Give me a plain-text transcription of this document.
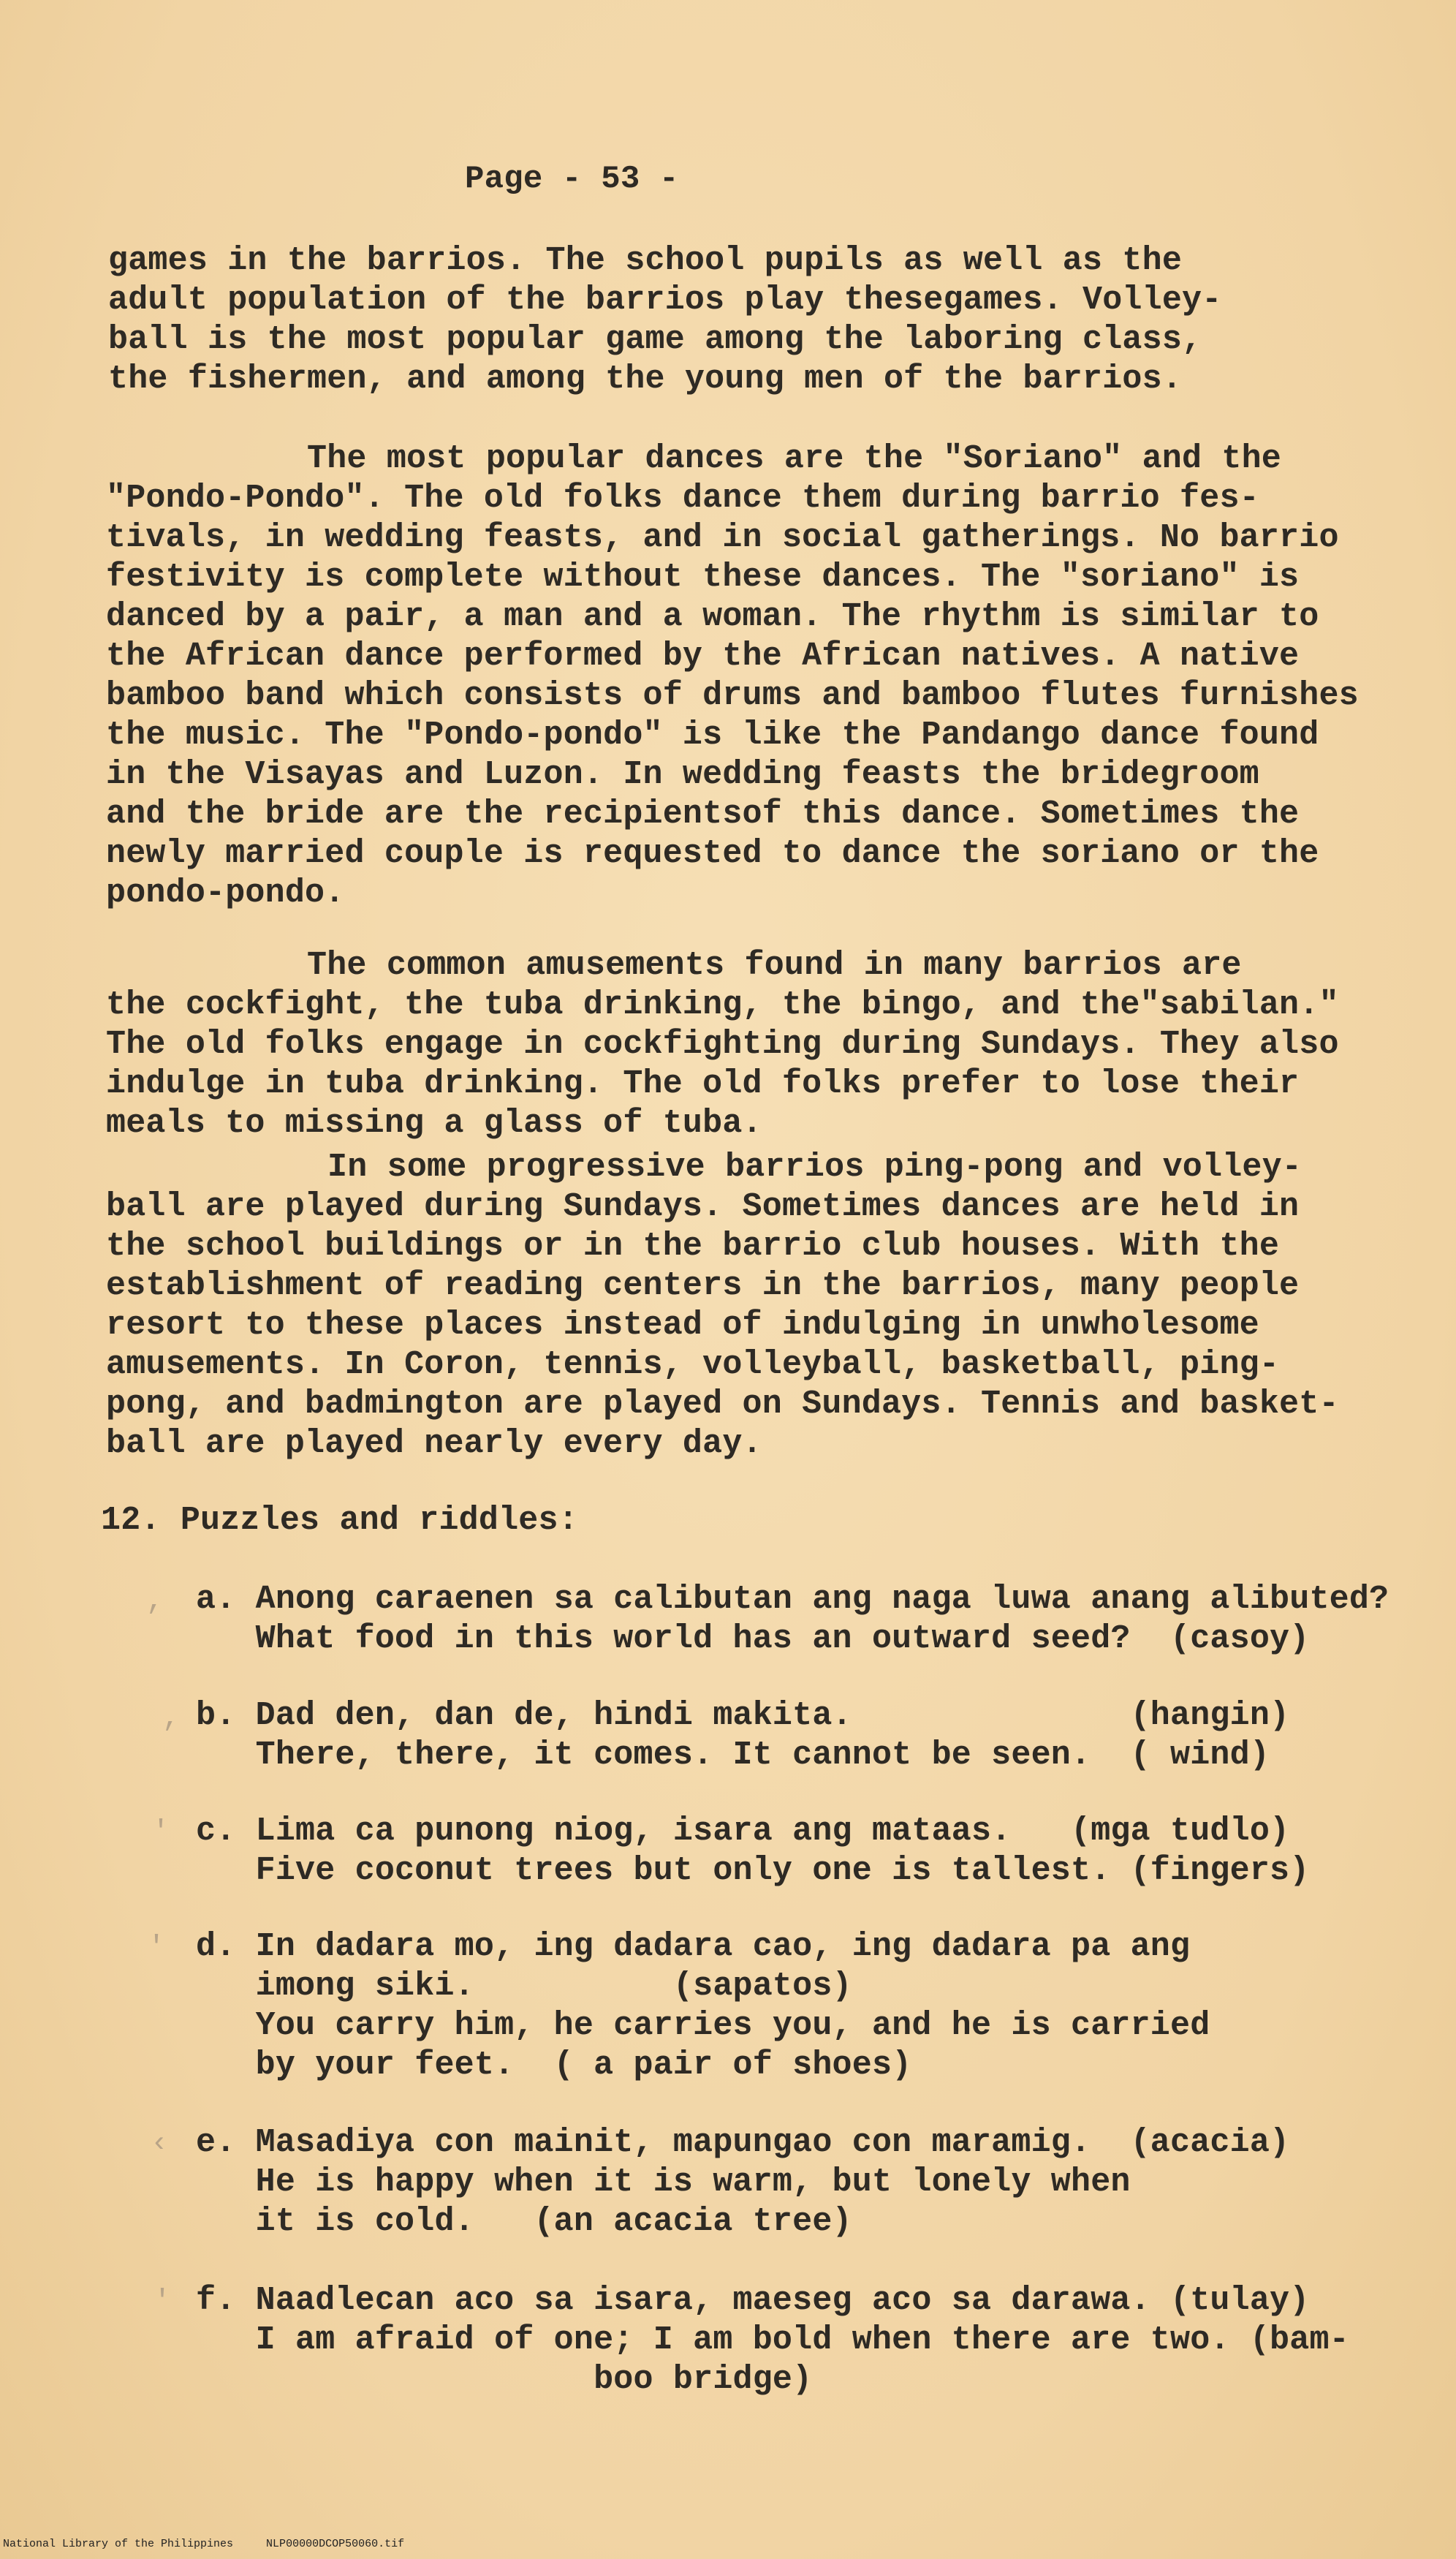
Page - 53 -
games in the barrios. The school pupils as well as the
adult population of the barrios play thesegames. Volley-
ball is the most popular game among the laboring class,
the fishermen, and among the young men of the barrios.
The most popular dances are the "Soriano" and the
"Pondo-Pondo". The old folks dance them during barrio fes-
tivals, in wedding feasts, and in social gatherings. No barrio
festivity is complete without these dances. The "soriano" is
danced by a pair, a man and a woman. The rhythm is similar to
the African dance performed by the African natives. A native
bamboo band which consists of drums and bamboo flutes furnishes
the music. The "Pondo-pondo" is like the Pandango dance found
in the Visayas and Luzon. In wedding feasts the bridegroom
and the bride are the recipientsof this dance. Sometimes the
newly married couple is requested to dance the soriano or the
pondo-pondo.
The common amusements found in many barrios are
the cockfight, the tuba drinking, the bingo, and the"sabilan."
The old folks engage in cockfighting during Sundays. They also
indulge in tuba drinking. The old folks prefer to lose their
meals to missing a glass of tuba.
In some progressive barrios ping-pong and volley-
ball are played during Sundays. Sometimes dances are held in
the school buildings or in the barrio club houses. With the
establishment of reading centers in the barrios, many people
resort to these places instead of indulging in unwholesome
amusements. In Coron, tennis, volleyball, basketball, ping-
pong, and badmington are played on Sundays. Tennis and basket-
ball are played nearly every day.
12. Puzzles and riddles:
, a. Anong caraenen sa calibutan ang naga luwa anang alibuted?
What food in this world has an outward seed?  (casoy)
, b. Dad den, dan de, hindi makita.              (hangin)
There, there, it comes. It cannot be seen.  ( wind)
' c. Lima ca punong niog, isara ang mataas.   (mga tudlo)
Five coconut trees but only one is tallest. (fingers)
' d. In dadara mo, ing dadara cao, ing dadara pa ang
imong siki.          (sapatos)
You carry him, he carries you, and he is carried
by your feet.  ( a pair of shoes)
‹ e. Masadiya con mainit, mapungao con maramig.  (acacia)
He is happy when it is warm, but lonely when
it is cold.   (an acacia tree)
' f. Naadlecan aco sa isara, maeseg aco sa darawa. (tulay)
I am afraid of one; I am bold when there are two. (bam-
boo bridge)
National Library of the Philippines     NLP00000DCOP50060.tif
